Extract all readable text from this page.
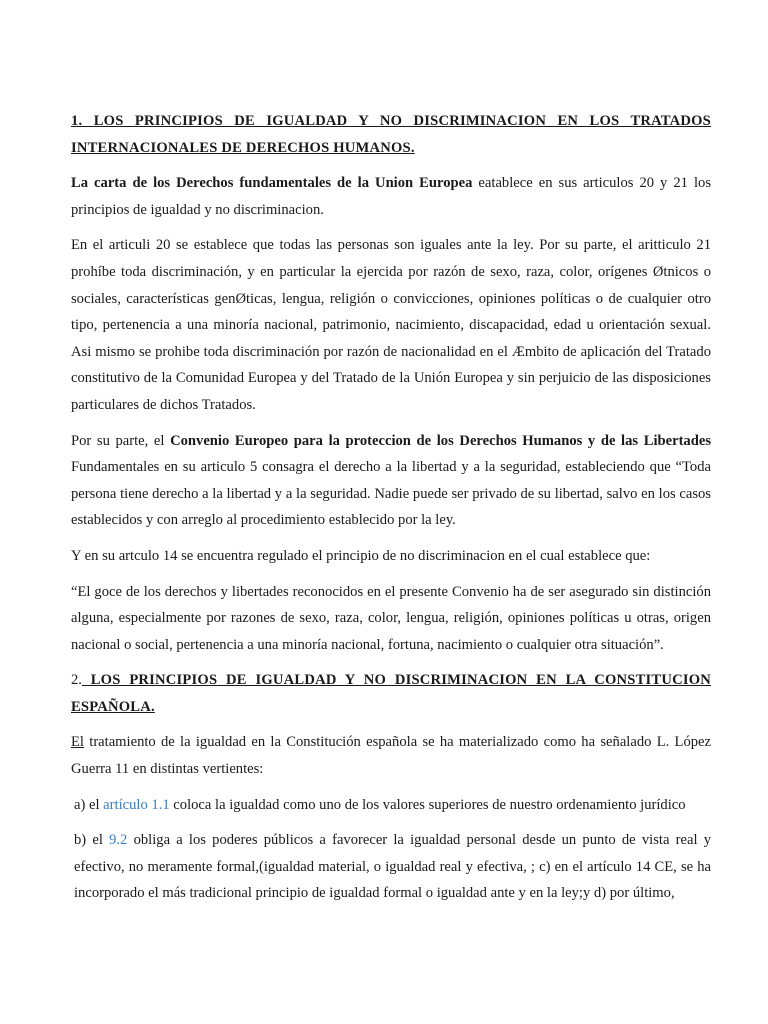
1. LOS PRINCIPIOS DE IGUALDAD Y NO DISCRIMINACION EN LOS TRATADOS INTERNACIONALES DE DERECHOS HUMANOS.

La carta de los Derechos fundamentales de la Union Europea eatablece en sus articulos 20 y 21 los principios de igualdad y no discriminacion.

En el articuli 20 se establece que todas las personas son iguales ante la ley. Por su parte, el aritticulo 21 prohíbe toda discriminación, y en particular la ejercida por razón de sexo, raza, color, orígenes Øtnicos o sociales, características genØticas, lengua, religión o convicciones, opiniones políticas o de cualquier otro tipo, pertenencia a una minoría nacional, patrimonio, nacimiento, discapacidad, edad u orientación sexual. Asi mismo se prohibe toda discriminación por razón de nacionalidad en el Æmbito de aplicación del Tratado constitutivo de la Comunidad Europea y del Tratado de la Unión Europea y sin perjuicio de las disposiciones particulares de dichos Tratados.

Por su parte, el Convenio Europeo para la proteccion de los Derechos Humanos y de las Libertades Fundamentales en su articulo 5 consagra el derecho a la libertad y a la seguridad, estableciendo que “Toda persona tiene derecho a la libertad y a la seguridad. Nadie puede ser privado de su libertad, salvo en los casos establecidos y con arreglo al procedimiento establecido por la ley.

Y en su artculo 14 se encuentra regulado el principio de no discriminacion en el cual establece que:

“El goce de los derechos y libertades reconocidos en el presente Convenio ha de ser asegurado sin distinción alguna, especialmente por razones de sexo, raza, color, lengua, religión, opiniones políticas u otras, origen nacional o social, pertenencia a una minoría nacional, fortuna, nacimiento o cualquier otra situación”.

2. LOS PRINCIPIOS DE IGUALDAD Y NO DISCRIMINACION EN LA CONSTITUCION ESPAÑOLA.

El tratamiento de la igualdad en la Constitución española se ha materializado como ha señalado L. López Guerra 11 en distintas vertientes:

a) el artículo 1.1 coloca la igualdad como uno de los valores superiores de nuestro ordenamiento jurídico

b) el 9.2 obliga a los poderes públicos a favorecer la igualdad personal desde un punto de vista real y efectivo, no meramente formal,(igualdad material, o igualdad real y efectiva, ; c) en el artículo 14 CE, se ha incorporado el más tradicional principio de igualdad formal o igualdad ante y en la ley;y d) por último,
